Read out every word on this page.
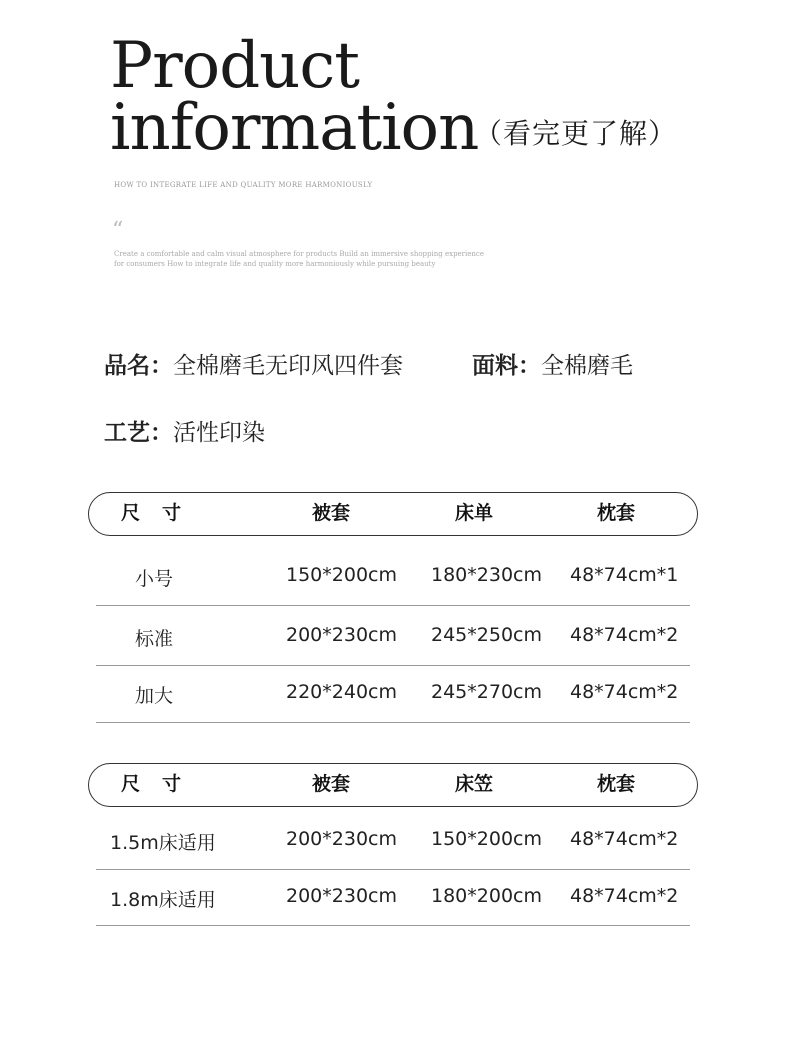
Product
information
（看完更了解）
HOW TO INTEGRATE LIFE AND QUALITY MORE HARMONIOUSLY
“
Create a comfortable and calm visual atmosphere for products Build an immersive shopping experience for consumers How to integrate life and quality more harmoniously while pursuing beauty
品名：全棉磨毛无印风四件套	面料：全棉磨毛
工艺：活性印染
尺寸	被套	床单	枕套
小号	150*200cm 180*230cm 48*74cm*1
标准	200*230cm 245*250cm 48*74cm*2
加大	220*240cm 245*270cm 48*74cm*2
尺寸	被套	床笠	枕套
1.5m床适用	200*230cm 150*200cm 48*74cm*2
1.8m床适用	200*230cm 180*200cm 48*74cm*2
